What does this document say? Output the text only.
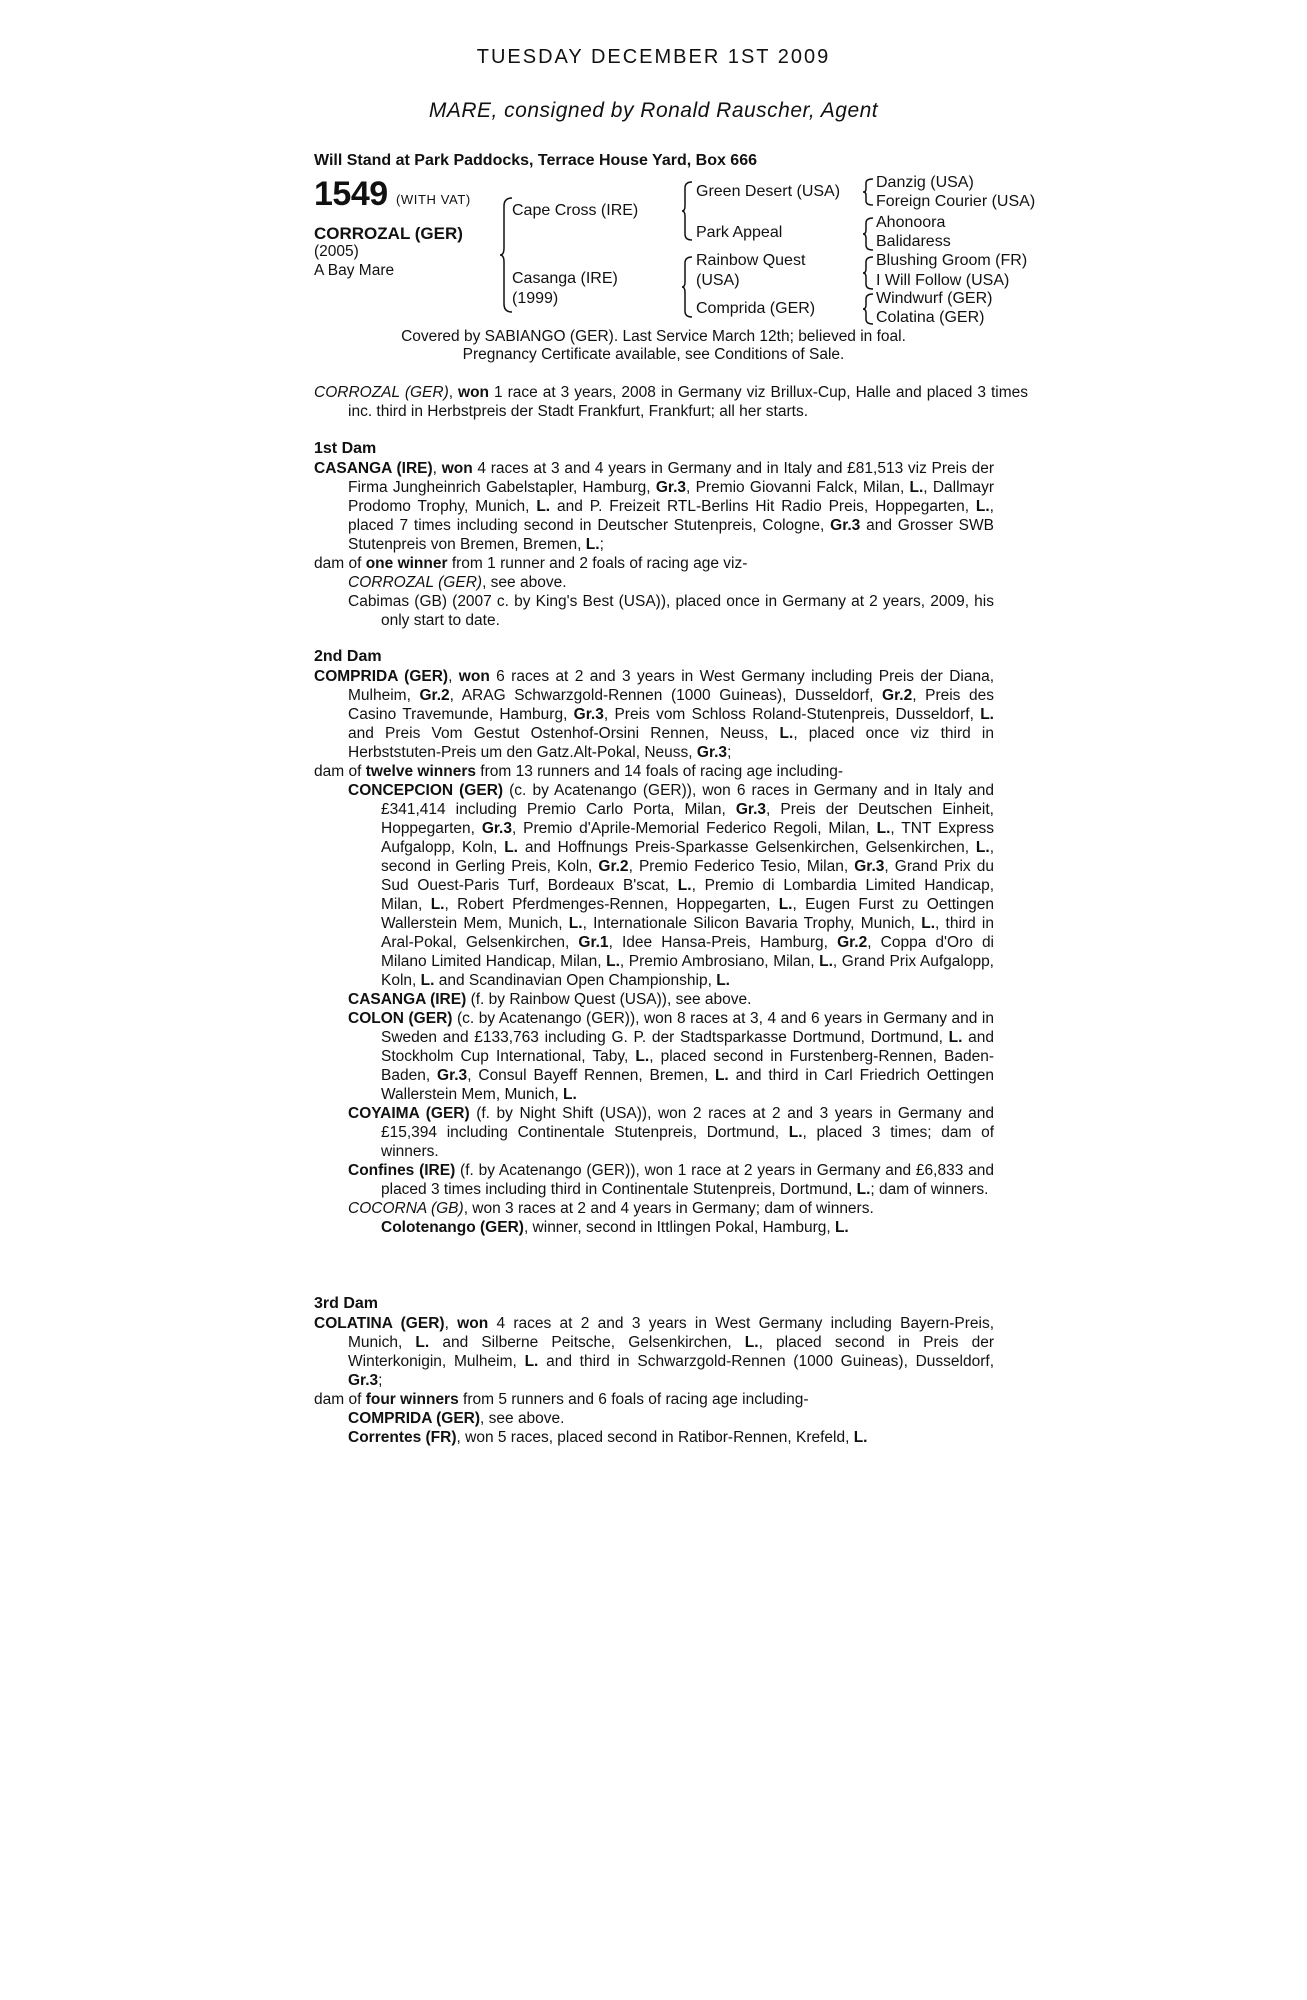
TUESDAY DECEMBER 1ST 2009
MARE, consigned by Ronald Rauscher, Agent
Will Stand at Park Paddocks, Terrace House Yard, Box 666
1549 (WITH VAT)
CORROZAL (GER)
(2005)
A Bay Mare
Cape Cross (IRE)
Casanga (IRE)
(1999)
Green Desert (USA)
Park Appeal
Rainbow Quest
(USA)
Comprida (GER)
Danzig (USA)
Foreign Courier (USA)
Ahonoora
Balidaress
Blushing Groom (FR)
I Will Follow (USA)
Windwurf (GER)
Colatina (GER)
Covered by SABIANGO (GER). Last Service March 12th; believed in foal.
Pregnancy Certificate available, see Conditions of Sale.
CORROZAL (GER), won 1 race at 3 years, 2008 in Germany viz Brillux-Cup, Halle and placed 3 times inc. third in Herbstpreis der Stadt Frankfurt, Frankfurt; all her starts.
1st Dam
CASANGA (IRE), won 4 races at 3 and 4 years in Germany and in Italy and £81,513 viz Preis der Firma Jungheinrich Gabelstapler, Hamburg, Gr.3, Premio Giovanni Falck, Milan, L., Dallmayr Prodomo Trophy, Munich, L. and P. Freizeit RTL-Berlins Hit Radio Preis, Hoppegarten, L., placed 7 times including second in Deutscher Stutenpreis, Cologne, Gr.3 and Grosser SWB Stutenpreis von Bremen, Bremen, L.;
dam of one winner from 1 runner and 2 foals of racing age viz-
CORROZAL (GER), see above.
Cabimas (GB) (2007 c. by King's Best (USA)), placed once in Germany at 2 years, 2009, his only start to date.
2nd Dam
COMPRIDA (GER), won 6 races at 2 and 3 years in West Germany including Preis der Diana, Mulheim, Gr.2, ARAG Schwarzgold-Rennen (1000 Guineas), Dusseldorf, Gr.2, Preis des Casino Travemunde, Hamburg, Gr.3, Preis vom Schloss Roland-Stutenpreis, Dusseldorf, L. and Preis Vom Gestut Ostenhof-Orsini Rennen, Neuss, L., placed once viz third in Herbststuten-Preis um den Gatz.Alt-Pokal, Neuss, Gr.3;
dam of twelve winners from 13 runners and 14 foals of racing age including-
CONCEPCION (GER) (c. by Acatenango (GER)), won 6 races in Germany and in Italy and £341,414 including Premio Carlo Porta, Milan, Gr.3, Preis der Deutschen Einheit, Hoppegarten, Gr.3, Premio d'Aprile-Memorial Federico Regoli, Milan, L., TNT Express Aufgalopp, Koln, L. and Hoffnungs Preis-Sparkasse Gelsenkirchen, Gelsenkirchen, L., second in Gerling Preis, Koln, Gr.2, Premio Federico Tesio, Milan, Gr.3, Grand Prix du Sud Ouest-Paris Turf, Bordeaux B'scat, L., Premio di Lombardia Limited Handicap, Milan, L., Robert Pferdmenges-Rennen, Hoppegarten, L., Eugen Furst zu Oettingen Wallerstein Mem, Munich, L., Internationale Silicon Bavaria Trophy, Munich, L., third in Aral-Pokal, Gelsenkirchen, Gr.1, Idee Hansa-Preis, Hamburg, Gr.2, Coppa d'Oro di Milano Limited Handicap, Milan, L., Premio Ambrosiano, Milan, L., Grand Prix Aufgalopp, Koln, L. and Scandinavian Open Championship, L.
CASANGA (IRE) (f. by Rainbow Quest (USA)), see above.
COLON (GER) (c. by Acatenango (GER)), won 8 races at 3, 4 and 6 years in Germany and in Sweden and £133,763 including G. P. der Stadtsparkasse Dortmund, Dortmund, L. and Stockholm Cup International, Taby, L., placed second in Furstenberg-Rennen, Baden-Baden, Gr.3, Consul Bayeff Rennen, Bremen, L. and third in Carl Friedrich Oettingen Wallerstein Mem, Munich, L.
COYAIMA (GER) (f. by Night Shift (USA)), won 2 races at 2 and 3 years in Germany and £15,394 including Continentale Stutenpreis, Dortmund, L., placed 3 times; dam of winners.
Confines (IRE) (f. by Acatenango (GER)), won 1 race at 2 years in Germany and £6,833 and placed 3 times including third in Continentale Stutenpreis, Dortmund, L.; dam of winners.
COCORNA (GB), won 3 races at 2 and 4 years in Germany; dam of winners.
Colotenango (GER), winner, second in Ittlingen Pokal, Hamburg, L.
3rd Dam
COLATINA (GER), won 4 races at 2 and 3 years in West Germany including Bayern-Preis, Munich, L. and Silberne Peitsche, Gelsenkirchen, L., placed second in Preis der Winterkonigin, Mulheim, L. and third in Schwarzgold-Rennen (1000 Guineas), Dusseldorf, Gr.3;
dam of four winners from 5 runners and 6 foals of racing age including-
COMPRIDA (GER), see above.
Correntes (FR), won 5 races, placed second in Ratibor-Rennen, Krefeld, L.
